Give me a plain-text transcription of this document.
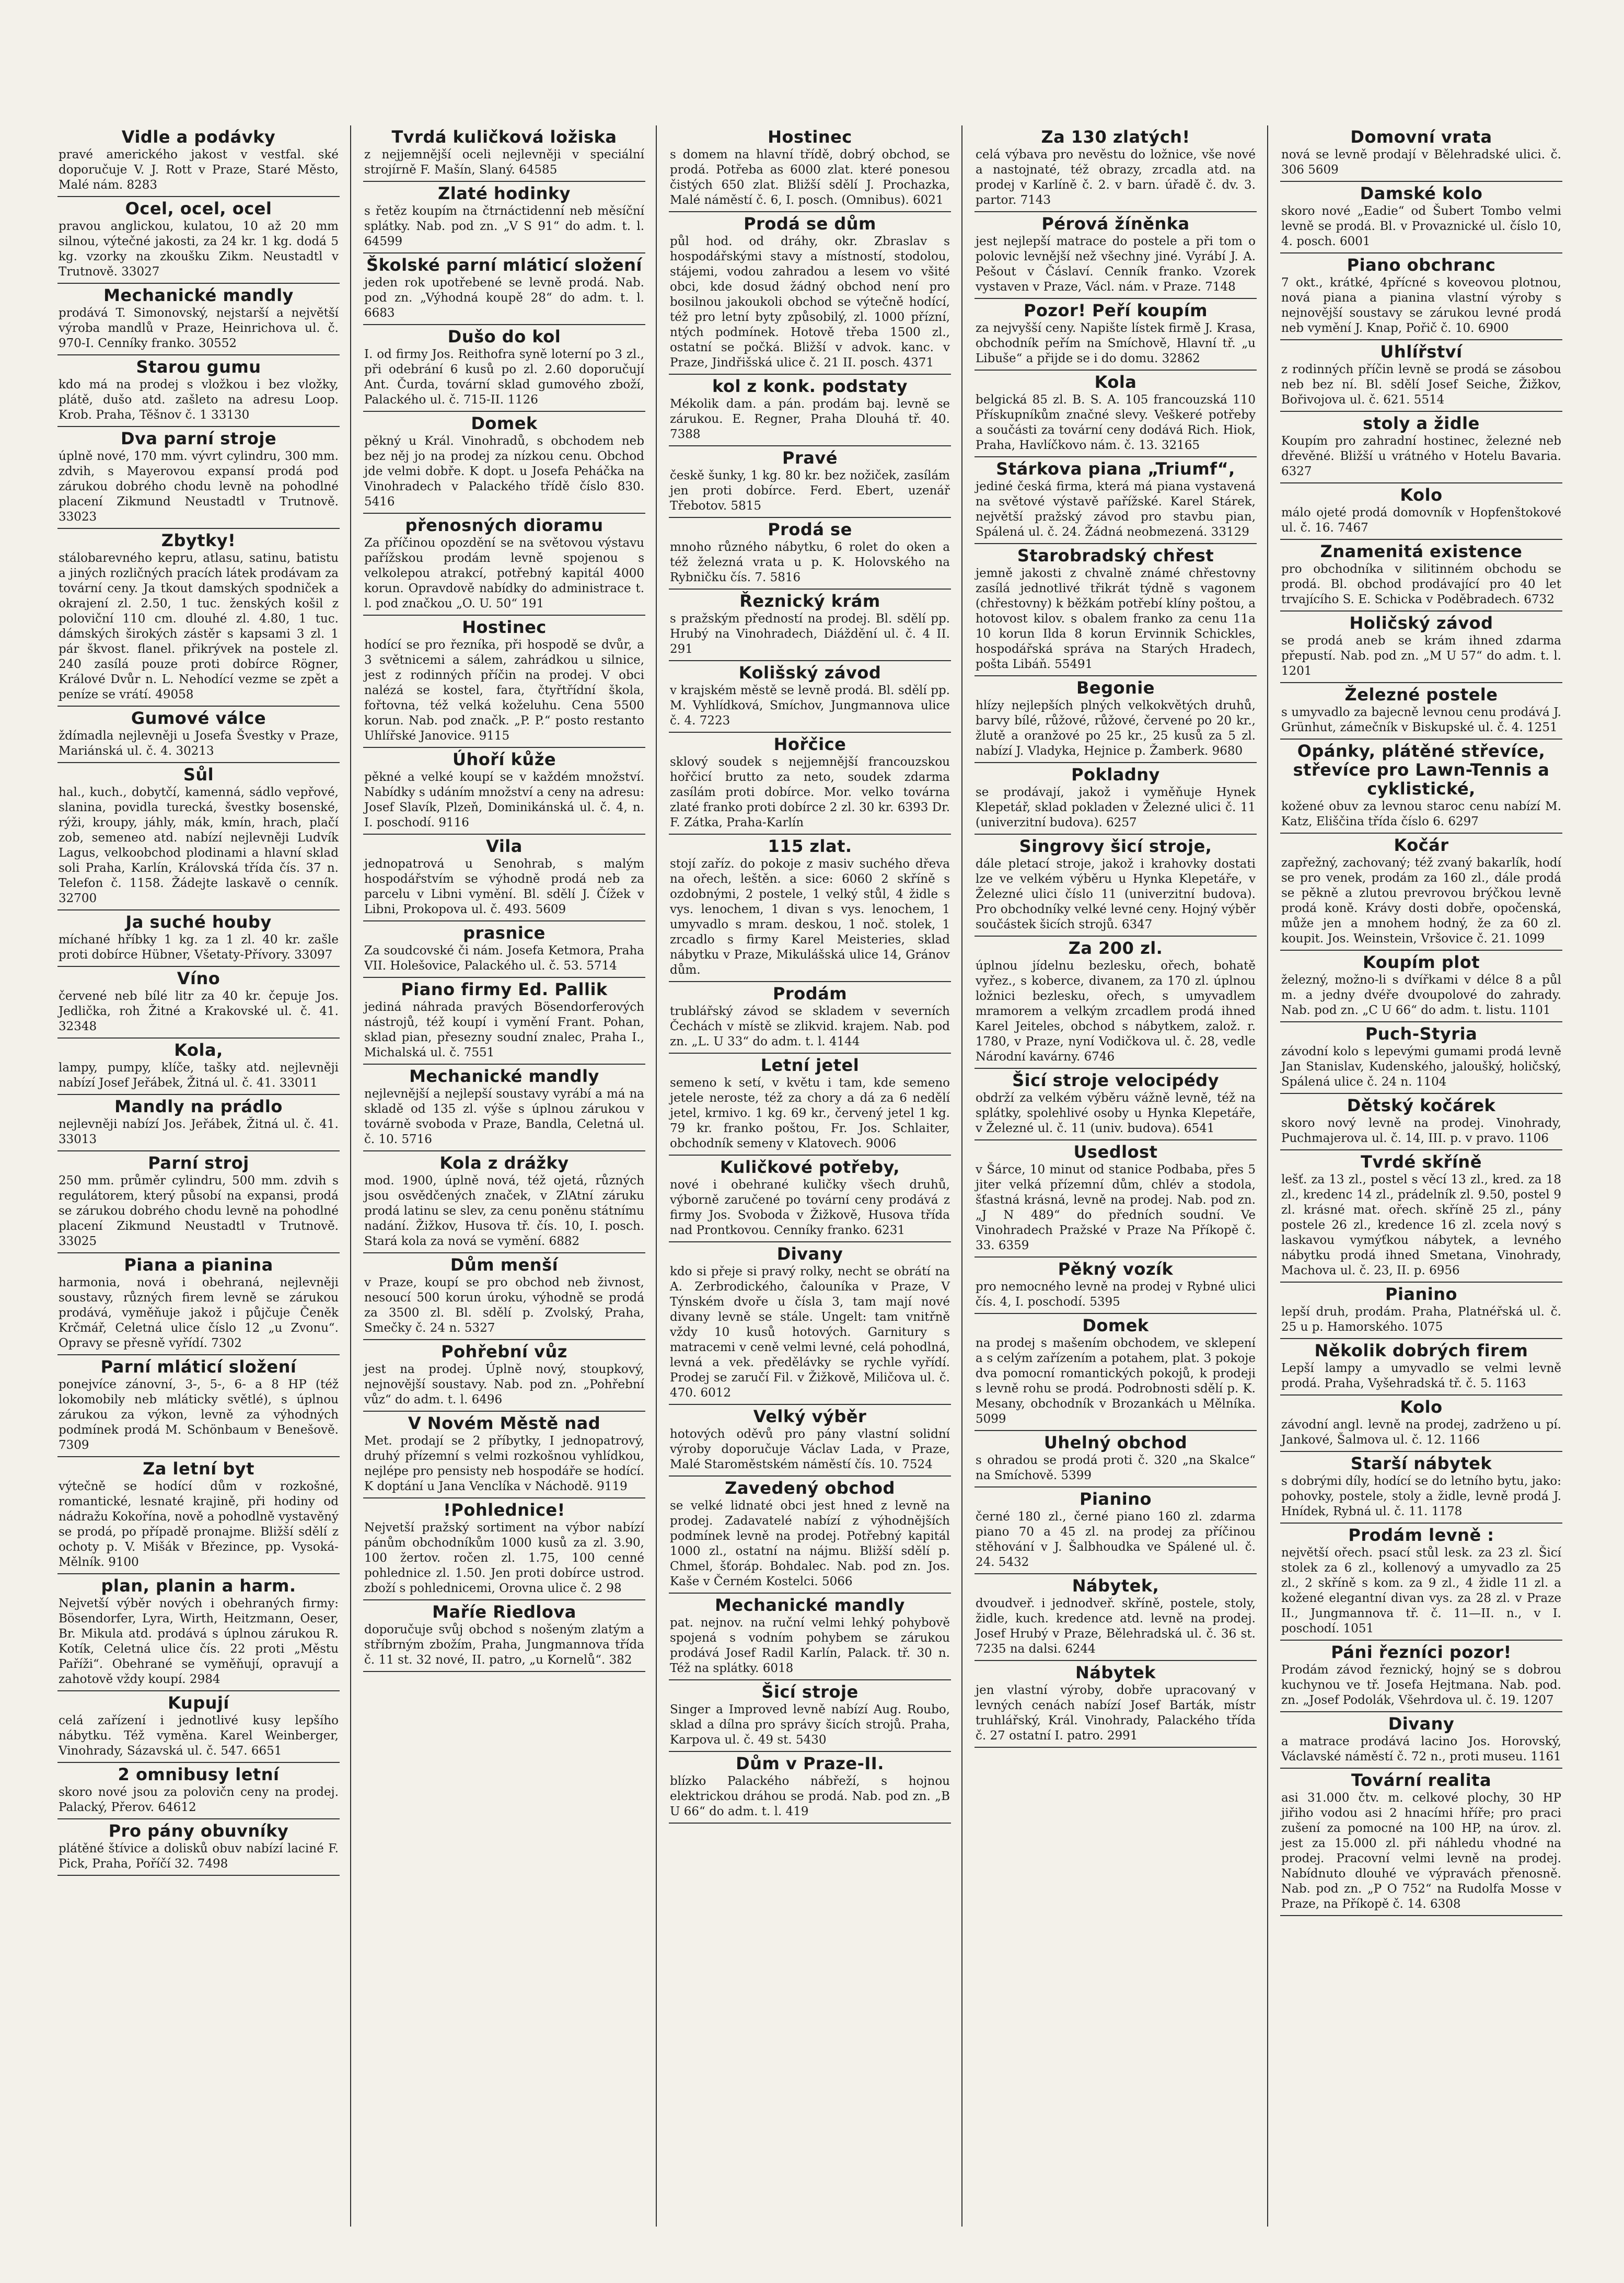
Vidle a podávky

pravé amerického jakost v vestfal. ské doporučuje V. J. Rott v Praze, Staré Město, Malé nám. 8283

Ocel, ocel, ocel

pravou anglickou, kulatou, 10 až 20 mm silnou, výtečné jakosti, za 24 kr. 1 kg. dodá 5 kg. vzorky na zkoušku Zikm. Neustadtl v Trutnově. 33027

Mechanické mandly

prodává T. Simonovský, nejstarší a největší výroba mandlů v Praze, Heinrichova ul. č. 970-I. Cenníky franko. 30552

Starou gumu

kdo má na prodej s vložkou i bez vložky, plátě, dušo atd. zašleto na adresu Loop. Krob. Praha, Těšnov č. 1 33130

Dva parní stroje

úplně nové, 170 mm. vývrt cylindru, 300 mm. zdvih, s Mayerovou expansí prodá pod zárukou dobrého chodu levně na pohodlné placení Zikmund Neustadtl v Trutnově. 33023

Zbytky!

stálobarevného kepru, atlasu, satinu, batistu a jiných rozličných pracích látek prodávam za tovární ceny. Ja tkout damských spodniček a okrajení zl. 2.50, 1 tuc. ženských košil z poloviční 110 cm. dlouhé zl. 4.80, 1 tuc. dámských širokých zástěr s kapsami 3 zl. 1 pár škvost. flanel. přikrývek na postele zl. 240 zasílá pouze proti dobírce Rögner, Králové Dvůr n. L. Nehodící vezme se zpět a peníze se vrátí. 49058

Gumové válce

ždímadla nejlevněji u Josefa Švestky v Praze, Mariánská ul. č. 4. 30213

Sůl

hal., kuch., dobytčí, kamenná, sádlo vepřové, slanina, povidla turecká, švestky bosenské, rýži, kroupy, jáhly, mák, kmín, hrach, plačí zob, semeneo atd. nabízí nejlevněji Ludvík Lagus, velkoobchod plodinami a hlavní sklad soli Praha, Karlín, Královská třída čís. 37 n. Telefon č. 1158. Žádejte laskavě o cenník. 32700

Ja suché houby

míchané hříbky 1 kg. za 1 zl. 40 kr. zašle proti dobírce Hübner, Všetaty-Přívory. 33097

Víno

červené neb bílé litr za 40 kr. čepuje Jos. Jedlička, roh Žitné a Krakovské ul. č. 41. 32348

Kola,

lampy, pumpy, klíče, tašky atd. nejlevněji nabízí Josef Jeřábek, Žitná ul. č. 41. 33011

Mandly na prádlo

nejlevněji nabízí Jos. Jeřábek, Žitná ul. č. 41. 33013

Parní stroj

250 mm. průměr cylindru, 500 mm. zdvih s regulátorem, který působí na expansi, prodá se zárukou dobrého chodu levně na pohodlné placení Zikmund Neustadtl v Trutnově. 33025

Piana a pianina

harmonia, nová i obehraná, nejlevněji soustavy, různých firem levně se zárukou prodává, vyměňuje jakož i půjčuje Čeněk Krčmář, Celetná ulice číslo 12 „u Zvonu“. Opravy se přesně vyřídí. 7302

Parní mláticí složení

ponejvíce zánovní, 3-, 5-, 6- a 8 HP (též lokomobily neb mláticky světlé), s úplnou zárukou za výkon, levně za výhodných podmínek prodá M. Schönbaum v Benešově. 7309

Za letní byt

výtečně se hodící dům v rozkošné, romantické, lesnaté krajině, při hodiny od nádražu Kokořína, nově a pohodlně vystavěný se prodá, po případě pronajme. Bližší sdělí z ochoty p. V. Mišák v Březince, pp. Vysoká-Mělník. 9100

plan, planin a harm.

Nejvetší výběr nových i obehraných firmy: Bösendorfer, Lyra, Wirth, Heitzmann, Oeser, Br. Mikula atd. prodává s úplnou zárukou R. Kotík, Celetná ulice čís. 22 proti „Městu Paříži“. Obehrané se vyměňují, opravují a zahotově vždy koupí. 2984

Kupují

celá zařízení i jednotlivé kusy lepšího nábytku. Též vyměna. Karel Weinberger, Vinohrady, Sázavská ul. č. 547. 6651

2 omnibusy letní

skoro nové jsou za polovičn ceny na prodej. Palacký, Přerov. 64612

Pro pány obuvníky

plátěné štívice a dolisků obuv nabízí laciné F. Pick, Praha, Poříčí 32. 7498

Tvrdá kuličková ložiska

z nejjemnější oceli nejlevněji v speciální strojírně F. Mašín, Slaný. 64585

Zlaté hodinky

s řetěz koupím na čtrnáctidenní neb měsíční splátky. Nab. pod zn. „V S 91“ do adm. t. l. 64599

Školské parní mláticí složení

jeden rok upotřebené se levně prodá. Nab. pod zn. „Výhodná koupě 28“ do adm. t. l. 6683

Dušo do kol

I. od firmy Jos. Reithofra syně loterní po 3 zl., při odebrání 6 kusů po zl. 2.60 doporučují Ant. Čurda, tovární sklad gumového zboží, Palackého ul. č. 715-II. 1126

Domek

pěkný u Král. Vinohradů, s obchodem neb bez něj jo na prodej za nízkou cenu. Obchod jde velmi dobře. K dopt. u Josefa Peháčka na Vinohradech v Palackého třídě číslo 830. 5416

přenosných dioramu

Za příčinou opozdění se na světovou výstavu pařížskou prodám levně spojenou s velkolepou atrakcí, potřebný kapitál 4000 korun. Opravdově nabídky do administrace t. l. pod značkou „O. U. 50“ 191

Hostinec

hodící se pro řezníka, při hospodě se dvůr, a 3 světnicemi a sálem, zahrádkou u silnice, jest z rodinných příčin na prodej. V obci nalézá se kostel, fara, čtyřtřídní škola, fořtovna, též velká koželuhu. Cena 5500 korun. Nab. pod značk. „P. P.“ posto restanto Uhlířské Janovice. 9115

Úhoří kůže

pěkné a velké koupí se v každém množství. Nabídky s udáním množství a ceny na adresu: Josef Slavík, Plzeň, Dominikánská ul. č. 4, n. I. poschodí. 9116

Vila

jednopatrová u Senohrab, s malým hospodářstvím se výhodně prodá neb za parcelu v Libni vymění. Bl. sdělí J. Čížek v Libni, Prokopova ul. č. 493. 5609

prasnice

Za soudcovské či nám. Josefa Ketmora, Praha VII. Holešovice, Palackého ul. č. 53. 5714

Piano firmy Ed. Pallik

jediná náhrada pravých Bösendorferových nástrojů, též koupí i vymění Frant. Pohan, sklad pian, přesezny soudní znalec, Praha I., Michalská ul. č. 7551

Mechanické mandly

nejlevnější a nejlepší soustavy vyrábí a má na skladě od 135 zl. výše s úplnou zárukou v továrně svoboda v Praze, Bandla, Celetná ul. č. 10. 5716

Kola z drážky

mod. 1900, úplně nová, též ojetá, různých jsou osvědčených značek, v ZlAtní záruku prodá latinu se slev, za cenu poněnu státnímu nadání. Žižkov, Husova tř. čís. 10, I. posch. Stará kola za nová se vymění. 6882

Dům menší

v Praze, koupí se pro obchod neb živnost, nesoucí 500 korun úroku, výhodně se prodá za 3500 zl. Bl. sdělí p. Zvolský, Praha, Smečky č. 24 n. 5327

Pohřební vůz

jest na prodej. Úplně nový, stoupkový, nejnovější soustavy. Nab. pod zn. „Pohřební vůz“ do adm. t. l. 6496

V Novém Městě nad

Met. prodají se 2 příbytky, I jednopatrový, druhý přízemní s velmi rozkošnou vyhlídkou, nejlépe pro pensisty neb hospodáře se hodící. K doptání u Jana Venclíka v Náchodě. 9119

!Pohlednice!

Nejvetší pražský sortiment na výbor nabízí pánům obchodníkům 1000 kusů za zl. 3.90, 100 žertov. ročen zl. 1.75, 100 cenné pohlednice zl. 1.50. Jen proti dobírce ustrod. zboží s pohlednicemi, Orovna ulice č. 2 98

Maříe Riedlova

doporučuje svůj obchod s nošeným zlatým a stříbrným zbožím, Praha, Jungmannova třída č. 11 st. 32 nové, II. patro, „u Kornelů“. 382

Hostinec

s domem na hlavní třídě, dobrý obchod, se prodá. Potřeba as 6000 zlat. které ponesou čistých 650 zlat. Bližší sdělí J. Prochazka, Malé náměstí č. 6, I. posch. (Omnibus). 6021

Prodá se dům

půl hod. od dráhy, okr. Zbraslav s hospodářskými stavy a místností, stodolou, stájemi, vodou zahradou a lesem vo všité obci, kde dosud žádný obchod není pro bosilnou jakoukoli obchod se výtečně hodící, též pro letní byty způsobilý, zl. 1000 přízní, ntých podmínek. Hotově třeba 1500 zl., ostatní se počká. Bližší v advok. kanc. v Praze, Jindřišská ulice č. 21 II. posch. 4371

kol z konk. podstaty

Mékolik dam. a pán. prodám baj. levně se zárukou. E. Regner, Praha Dlouhá tř. 40. 7388

Pravé

českě šunky, 1 kg. 80 kr. bez nožiček, zasílám jen proti dobírce. Ferd. Ebert, uzenář Třebotov. 5815

Prodá se

mnoho různého nábytku, 6 rolet do oken a též železná vrata u p. K. Holovského na Rybničku čís. 7. 5816

Řeznický krám

s pražským předností na prodej. Bl. sdělí pp. Hrubý na Vinohradech, Diáždění ul. č. 4 II. 291

Kolišský závod

v krajském městě se levně prodá. Bl. sdělí pp. M. Vyhlídková, Smíchov, Jungmannova ulice č. 4. 7223

Hořčice

sklový soudek s nejjemnější francouzskou hořčicí brutto za neto, soudek zdarma zasílám proti dobírce. Mor. velko továrna zlaté franko proti dobírce 2 zl. 30 kr. 6393 Dr. F. Zátka, Praha-Karlín

115 zlat.

stojí zaříz. do pokoje z masiv suchého dřeva na ořech, leštěn. a sice: 6060 2 skříně s ozdobnými, 2 postele, 1 velký stůl, 4 židle s vys. lenochem, 1 divan s vys. lenochem, 1 umyvadlo s mram. deskou, 1 noč. stolek, 1 zrcadlo s firmy Karel Meisteries, sklad nábytku v Praze, Mikulášská ulice 14, Gránov dům.

Prodám

trublářský závod se skladem v severních Čechách v místě se zlikvid. krajem. Nab. pod zn. „L. U 33“ do adm. t. l. 4144

Letní jetel

semeno k setí, v květu i tam, kde semeno jetele neroste, též za chory a dá za 6 nedělí jetel, krmivo. 1 kg. 69 kr., červený jetel 1 kg. 79 kr. franko poštou, Fr. Jos. Schlaiter, obchodník semeny v Klatovech. 9006

Kuličkové potřeby,

nové i obehrané kuličky všech druhů, výborně zaručené po tovární ceny prodává z firmy Jos. Svoboda v Žižkově, Husova třída nad Prontkovou. Cenníky franko. 6231

Divany

kdo si přeje si pravý rolky, necht se obrátí na A. Zerbrodického, čalouníka v Praze, V Týnském dvoře u čísla 3, tam mají nové divany levně se stále. Ungelt: tam vnitřně vždy 10 kusů hotových. Garnitury s matracemi v ceně velmi levné, celá pohodlná, levná a vek. předělávky se rychle vyřídí. Prodej se zaručí Fil. v Žižkově, Miličova ul. č. 470. 6012

Velký výběr

hotových oděvů pro pány vlastní solidní výroby doporučuje Václav Lada, v Praze, Malé Staroměstském náměstí čís. 10. 7524

Zavedený obchod

se velké lidnaté obci jest hned z levně na prodej. Zadavatelé nabízí z výhodnějších podmínek levně na prodej. Potřebný kapitál 1000 zl., ostatní na nájmu. Bližší sdělí p. Chmel, šťoráp. Bohdalec. Nab. pod zn. Jos. Kaše v Černém Kostelci. 5066

Mechanické mandly

pat. nejnov. na ruční velmi lehký pohybově spojená s vodním pohybem se zárukou prodává Josef Radil Karlín, Palack. tř. 30 n. Též na splátky. 6018

Šicí stroje

Singer a Improved levně nabízí Aug. Roubo, sklad a dílna pro správy šicích strojů. Praha, Karpova ul. č. 49 st. 5430

Dům v Praze-II.

blízko Palackého nábřeží, s hojnou elektrickou dráhou se prodá. Nab. pod zn. „B U 66“ do adm. t. l. 419

Za 130 zlatých!

celá výbava pro nevěstu do ložnice, vše nové a nastojnaté, též obrazy, zrcadla atd. na prodej v Karlíně č. 2. v barn. úřadě č. dv. 3. partor. 7143

Pérová žíněnka

jest nejlepší matrace do postele a při tom o polovic levnější než všechny jiné. Vyrábí J. A. Pešout v Čáslaví. Cenník franko. Vzorek vystaven v Praze, Václ. nám. v Praze. 7148

Pozor! Peří koupím

za nejvyšší ceny. Napište lístek firmě J. Krasa, obchodník peřím na Smíchově, Hlavní tř. „u Libuše“ a přijde se i do domu. 32862

Kola

belgická 85 zl. B. S. A. 105 francouzská 110 Přískupníkům značné slevy. Veškeré potřeby a součásti za tovární ceny dodává Rich. Hiok, Praha, Havlíčkovo nám. č. 13. 32165

Stárkova piana „Triumf“,

jediné česká firma, která má piana vystavená na světové výstavě pařížské. Karel Stárek, největší pražský závod pro stavbu pian, Spálená ul. č. 24. Žádná neobmezená. 33129

Starobradský chřest

jemně jakosti z chvalně známé chřestovny zasílá jednotlivé třikrát týdně s vagonem (chřestovny) k běžkám potřebí klíny poštou, a hotovost kilov. s obalem franko za cenu 11a 10 korun Ilda 8 korun Ervinnik Schickles, hospodářská správa na Starých Hradech, pošta Libáň. 55491

Begonie

hlízy nejlepších plných velkokvětých druhů, barvy bílé, růžové, růžové, červené po 20 kr., žlutě a oranžové po 25 kr., 25 kusů za 5 zl. nabízí J. Vladyka, Hejnice p. Žamberk. 9680

Pokladny

se prodávají, jakož i vyměňuje Hynek Klepetář, sklad pokladen v Železné ulici č. 11 (univerzitní budova). 6257

Singrovy šicí stroje,

dále pletací stroje, jakož i krahovky dostati lze ve velkém výběru u Hynka Klepetáře, v Železné ulici číslo 11 (univerzitní budova). Pro obchodníky velké levné ceny. Hojný výběr součástek šicích strojů. 6347

Za 200 zl.

úplnou jídelnu bezlesku, ořech, bohatě vyřez., s koberce, divanem, za 170 zl. úplnou ložnici bezlesku, ořech, s umyvadlem mramorem a velkým zrcadlem prodá ihned Karel Jeiteles, obchod s nábytkem, založ. r. 1780, v Praze, nyní Vodičkova ul. č. 28, vedle Národní kavárny. 6746

Šicí stroje velocipédy

obdrží za velkém výběru vážně levně, též na splátky, spolehlivé osoby u Hynka Klepetáře, v Železné ul. č. 11 (univ. budova). 6541

Usedlost

v Šárce, 10 minut od stanice Podbaba, přes 5 jiter velká přízemní dům, chlév a stodola, šťastná krásná, levně na prodej. Nab. pod zn. „J N 489“ do předních soudní. Ve Vinohradech Pražské v Praze Na Příkopě č. 33. 6359

Pěkný vozík

pro nemocného levně na prodej v Rybné ulici čís. 4, I. poschodí. 5395

Domek

na prodej s mašením obchodem, ve sklepení a s celým zařízením a potahem, plat. 3 pokoje dva pomocní romantických pokojů, k prodeji s levně rohu se prodá. Podrobnosti sdělí p. K. Mesany, obchodník v Brozankách u Mělníka. 5099

Uhelný obchod

s ohradou se prodá proti č. 320 „na Skalce“ na Smíchově. 5399

Pianino

černé 180 zl., černé piano 160 zl. zdarma piano 70 a 45 zl. na prodej za příčinou stěhování v J. Šalbhoudka ve Spálené ul. č. 24. 5432

Nábytek,

dvoudveř. i jednodveř. skříně, postele, stoly, židle, kuch. kredence atd. levně na prodej. Josef Hrubý v Praze, Bělehradská ul. č. 36 st. 7235 na dalsi. 6244

Nábytek

jen vlastní výroby, dobře upracovaný v levných cenách nabízí Josef Barták, místr truhlářský, Král. Vinohrady, Palackého třída č. 27 ostatní I. patro. 2991

Domovní vrata

nová se levně prodají v Bělehradské ulici. č. 306 5609

Damské kolo

skoro nové „Eadie“ od Šubert Tombo velmi levně se prodá. Bl. v Provaznické ul. číslo 10, 4. posch. 6001

Piano obchranc

7 okt., krátké, 4přícné s koveovou plotnou, nová piana a pianina vlastní výroby s nejnovější soustavy se zárukou levné prodá neb vymění J. Knap, Pořič č. 10. 6900

Uhlířství

z rodinných příčin levně se prodá se zásobou neb bez ní. Bl. sdělí Josef Seiche, Žižkov, Bořivojova ul. č. 621. 5514

stoly a židle

Koupím pro zahradní hostinec, železné neb dřevěné. Bližší u vrátného v Hotelu Bavaria. 6327

Kolo

málo ojeté prodá domovník v Hopfenštokové ul. č. 16. 7467

Znamenitá existence

pro obchodníka v silitinném obchodu se prodá. Bl. obchod prodávající pro 40 let trvajícího S. E. Schicka v Poděbradech. 6732

Holičský závod

se prodá aneb se krám ihned zdarma přepustí. Nab. pod zn. „M U 57“ do adm. t. l. 1201

Železné postele

s umyvadlo za bajecně levnou cenu prodává J. Grünhut, zámečník v Biskupské ul. č. 4. 1251

Opánky, plátěné střevíce, střevíce pro Lawn-Tennis a cyklistické,

kožené obuv za levnou staroc cenu nabízí M. Katz, Eliščina třída číslo 6. 6297

Kočár

zapřežný, zachovaný; též zvaný bakarlík, hodí se pro venek, prodám za 160 zl., dále prodá se pěkně a zlutou prevrovou brýčkou levně prodá koně. Krávy dosti dobře, opočenská, může jen a mnohem hodný, že za 60 zl. koupit. Jos. Weinstein, Vršovice č. 21. 1099

Koupím plot

železný, možno-li s dvířkami v délce 8 a půl m. a jedny dvéře dvoupolové do zahrady. Nab. pod zn. „C U 66“ do adm. t. listu. 1101

Puch-Styria

závodní kolo s lepevými gumami prodá levně Jan Stanislav, Kudenského, jaloušký, holičský, Spálená ulice č. 24 n. 1104

Dětský kočárek

skoro nový levně na prodej. Vinohrady, Puchmajerova ul. č. 14, III. p. v pravo. 1106

Tvrdé skříně

lešť. za 13 zl., postel s věcí 13 zl., kred. za 18 zl., kredenc 14 zl., prádelník zl. 9.50, postel 9 zl. krásné mat. ořech. skříně 25 zl., pány postele 26 zl., kredence 16 zl. zcela nový s laskavou vymýťkou nábytek, a levného nábytku prodá ihned Smetana, Vinohrady, Machova ul. č. 23, II. p. 6956

Pianino

lepší druh, prodám. Praha, Platnéřská ul. č. 25 u p. Hamorského. 1075

Několik dobrých firem

Lepší lampy a umyvadlo se velmi levně prodá. Praha, Vyšehradská tř. č. 5. 1163

Kolo

závodní angl. levně na prodej, zadrženo u pí. Jankové, Šalmova ul. č. 12. 1166

Starší nábytek

s dobrými díly, hodící se do letního bytu, jako: pohovky, postele, stoly a židle, levně prodá J. Hnídek, Rybná ul. č. 11. 1178

Prodám levně :

největší ořech. psací stůl lesk. za 23 zl. Šicí stolek za 6 zl., kollenový a umyvadlo za 25 zl., 2 skříně s kom. za 9 zl., 4 židle 11 zl. a kožené elegantní divan vys. za 28 zl. v Praze II., Jungmannova tř. č. 11—II. n., v I. poschodí. 1051

Páni řezníci pozor!

Prodám závod řeznický, hojný se s dobrou kuchynou ve tř. Josefa Hejtmana. Nab. pod. zn. „Josef Podolák, Všehrdova ul. č. 19. 1207

Divany

a matrace prodává lacino Jos. Horovský, Václavské náměstí č. 72 n., proti museu. 1161

Tovární realita

asi 31.000 čtv. m. celkové plochy, 30 HP jiřiho vodou asi 2 hnacími hříře; pro praci zušení za pomocné na 100 HP, na úrov. zl. jest za 15.000 zl. při náhledu vhodné na prodej. Pracovní velmi levně na prodej. Nabídnuto dlouhé ve výpravách přenosně. Nab. pod zn. „P O 752“ na Rudolfa Mosse v Praze, na Příkopě č. 14. 6308
